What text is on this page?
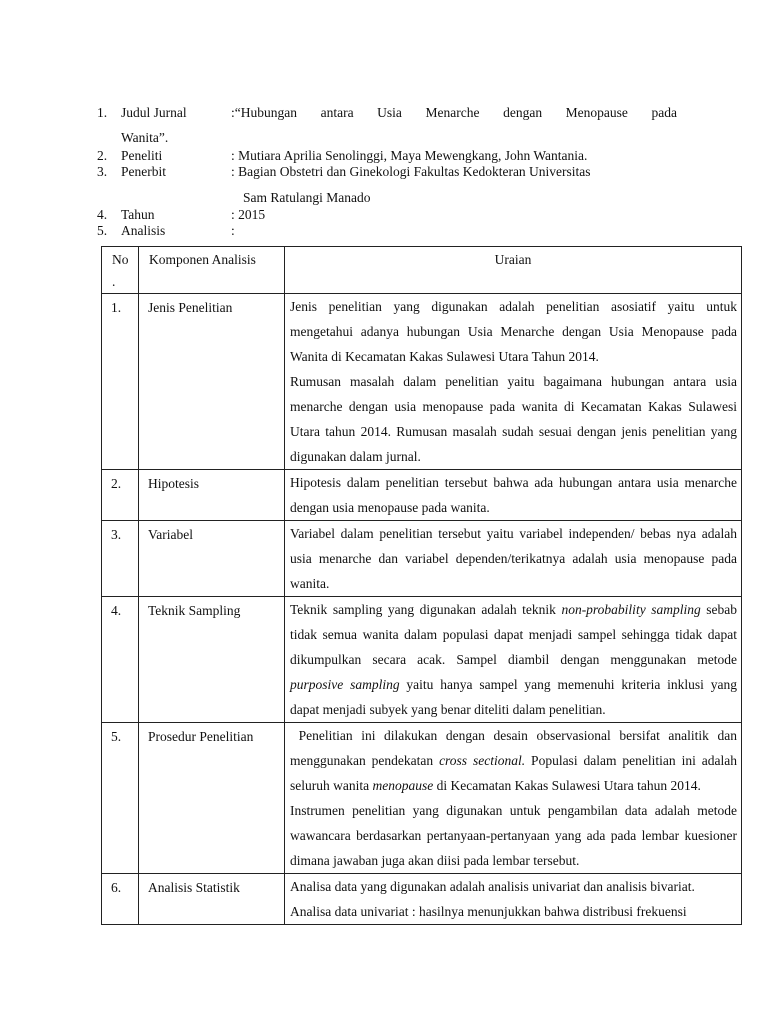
1. Judul Jurnal	:“Hubungan antara Usia Menarche dengan Menopause pada
Wanita”.
2. Peneliti	: Mutiara Aprilia Senolinggi, Maya Mewengkang, John Wantania.
3. Penerbit	: Bagian Obstetri dan Ginekologi Fakultas Kedokteran Universitas
Sam Ratulangi Manado
4. Tahun	: 2015
5. Analisis	:
No
.	Komponen Analisis	Uraian
1.	Jenis Penelitian	Jenis penelitian yang digunakan adalah penelitian asosiatif yaitu untuk mengetahui adanya hubungan Usia Menarche dengan Usia Menopause pada Wanita di Kecamatan Kakas Sulawesi Utara Tahun 2014.

Rumusan masalah dalam penelitian yaitu bagaimana hubungan antara usia menarche dengan usia menopause pada wanita di Kecamatan Kakas Sulawesi Utara tahun 2014. Rumusan masalah sudah sesuai dengan jenis penelitian yang digunakan dalam jurnal.

2.	Hipotesis	Hipotesis dalam penelitian tersebut bahwa ada hubungan antara usia menarche dengan usia menopause pada wanita.

3.	Variabel	Variabel dalam penelitian tersebut yaitu variabel independen/ bebas nya adalah usia menarche dan variabel dependen/terikatnya adalah usia menopause pada wanita.

4.	Teknik Sampling	Teknik sampling yang digunakan adalah teknik non-probability sampling sebab tidak semua wanita dalam populasi dapat menjadi sampel sehingga tidak dapat dikumpulkan secara acak. Sampel diambil dengan menggunakan metode purposive sampling yaitu hanya sampel yang memenuhi kriteria inklusi yang dapat menjadi subyek yang benar diteliti dalam penelitian.

5.	Prosedur Penelitian	Penelitian ini dilakukan dengan desain observasional bersifat analitik dan menggunakan pendekatan cross sectional. Populasi dalam penelitian ini adalah seluruh wanita menopause di Kecamatan Kakas Sulawesi Utara tahun 2014.

Instrumen penelitian yang digunakan untuk pengambilan data adalah metode wawancara berdasarkan pertanyaan-pertanyaan yang ada pada lembar kuesioner dimana jawaban juga akan diisi pada lembar tersebut.

6.	Analisis Statistik	Analisa data yang digunakan adalah analisis univariat dan analisis bivariat.

Analisa data univariat : hasilnya menunjukkan bahwa distribusi frekuensi
